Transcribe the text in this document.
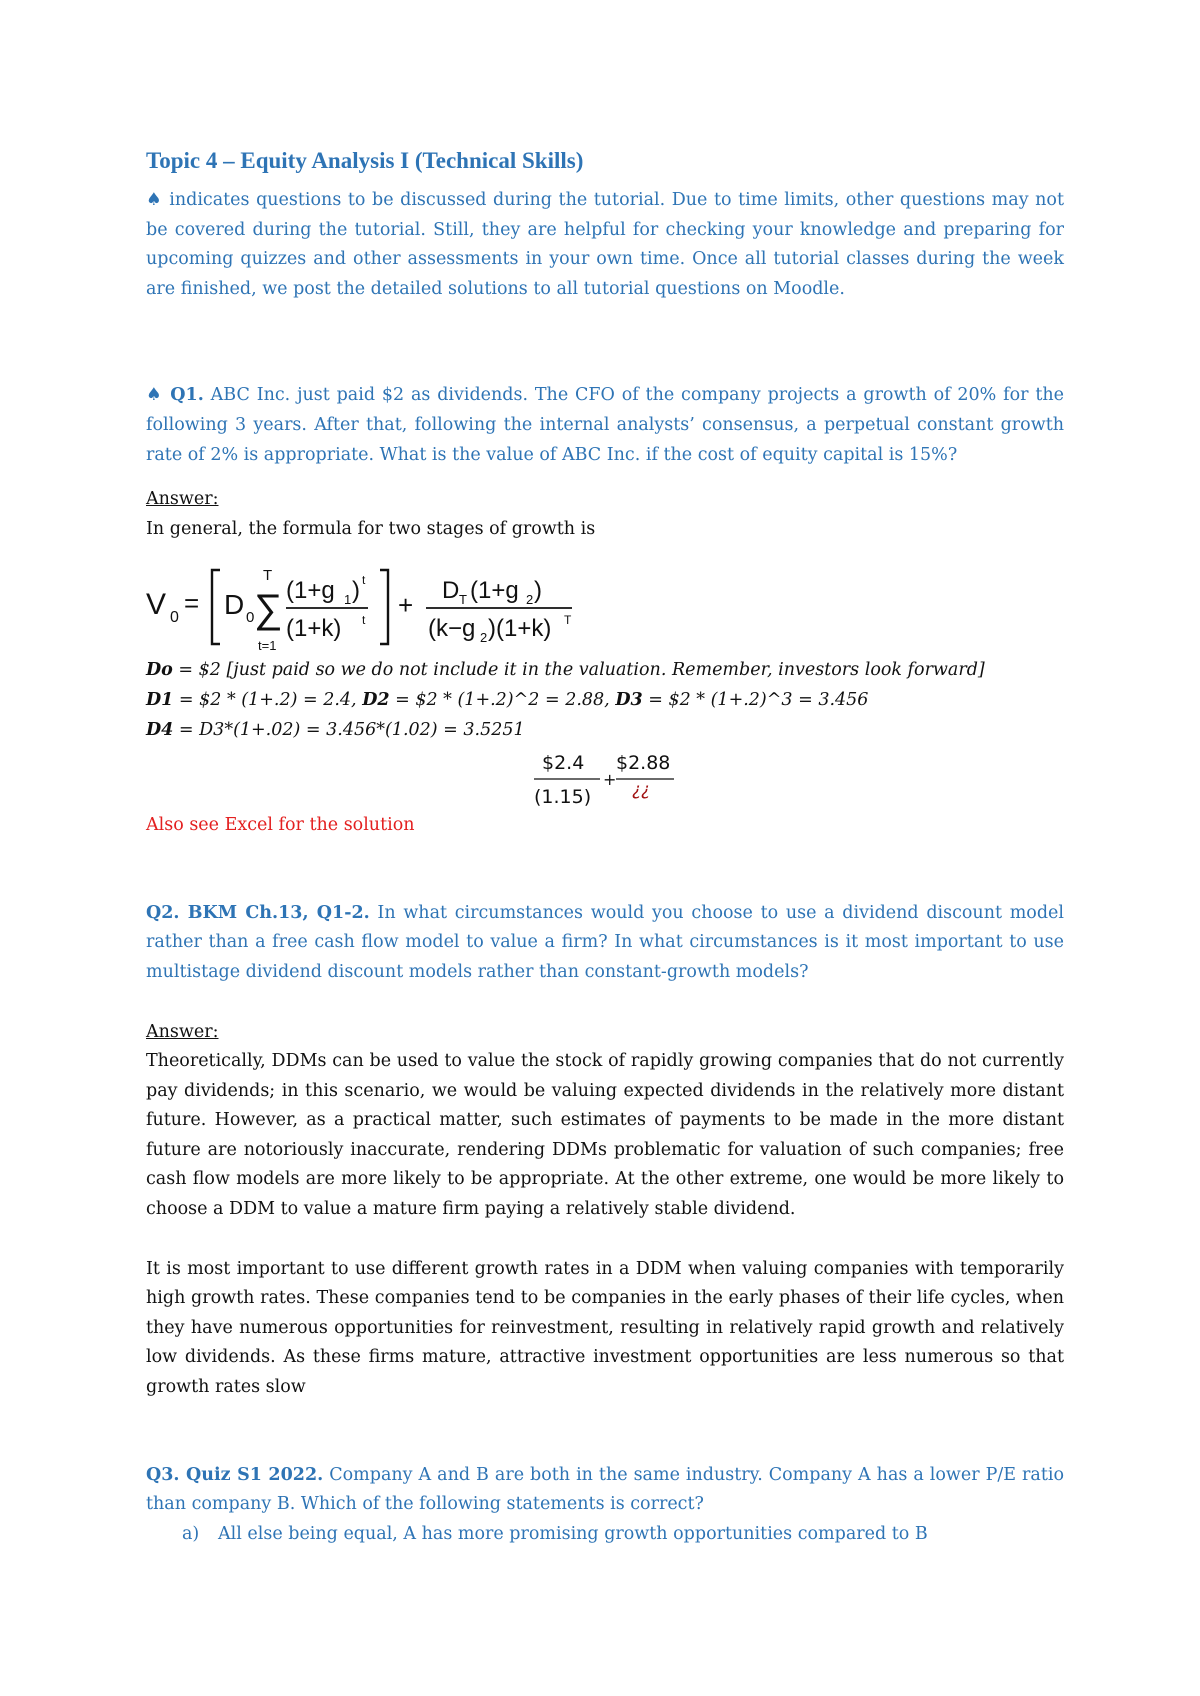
Topic 4 – Equity Analysis I (Technical Skills)

♠ indicates questions to be discussed during the tutorial. Due to time limits, other questions may not be covered during the tutorial. Still, they are helpful for checking your knowledge and preparing for upcoming quizzes and other assessments in your own time. Once all tutorial classes during the week are finished, we post the detailed solutions to all tutorial questions on Moodle.

♠ Q1. ABC Inc. just paid $2 as dividends. The CFO of the company projects a growth of 20% for the following 3 years. After that, following the internal analysts’ consensus, a perpetual constant growth rate of 2% is appropriate. What is the value of ABC Inc. if the cost of equity capital is 15%?

Answer:

In general, the formula for two stages of growth is

V 0 = D 0 ∑
T
t=1
(1+g 1 ) t
(1+k) t + D T (1+g 2 )
(k−g 2 )(1+k) T

Do = $2 [just paid so we do not include it in the valuation. Remember, investors look forward]

D1 = $2 * (1+.2) = 2.4, D2 = $2 * (1+.2)^2 = 2.88, D3 = $2 * (1+.2)^3 = 3.456

D4 = D3*(1+.02) = 3.456*(1.02) = 3.5251

$2.4
(1.15)
+
$2.88
¿¿

Also see Excel for the solution

Q2. BKM Ch.13, Q1-2. In what circumstances would you choose to use a dividend discount model rather than a free cash flow model to value a firm? In what circumstances is it most important to use multistage dividend discount models rather than constant-growth models?

Answer:

Theoretically, DDMs can be used to value the stock of rapidly growing companies that do not currently pay dividends; in this scenario, we would be valuing expected dividends in the relatively more distant future. However, as a practical matter, such estimates of payments to be made in the more distant future are notoriously inaccurate, rendering DDMs problematic for valuation of such companies; free cash flow models are more likely to be appropriate. At the other extreme, one would be more likely to choose a DDM to value a mature firm paying a relatively stable dividend.

It is most important to use different growth rates in a DDM when valuing companies with temporarily high growth rates. These companies tend to be companies in the early phases of their life cycles, when they have numerous opportunities for reinvestment, resulting in relatively rapid growth and relatively low dividends. As these firms mature, attractive investment opportunities are less numerous so that growth rates slow

Q3. Quiz S1 2022. Company A and B are both in the same industry. Company A has a lower P/E ratio than company B. Which of the following statements is correct?

a) All else being equal, A has more promising growth opportunities compared to B
